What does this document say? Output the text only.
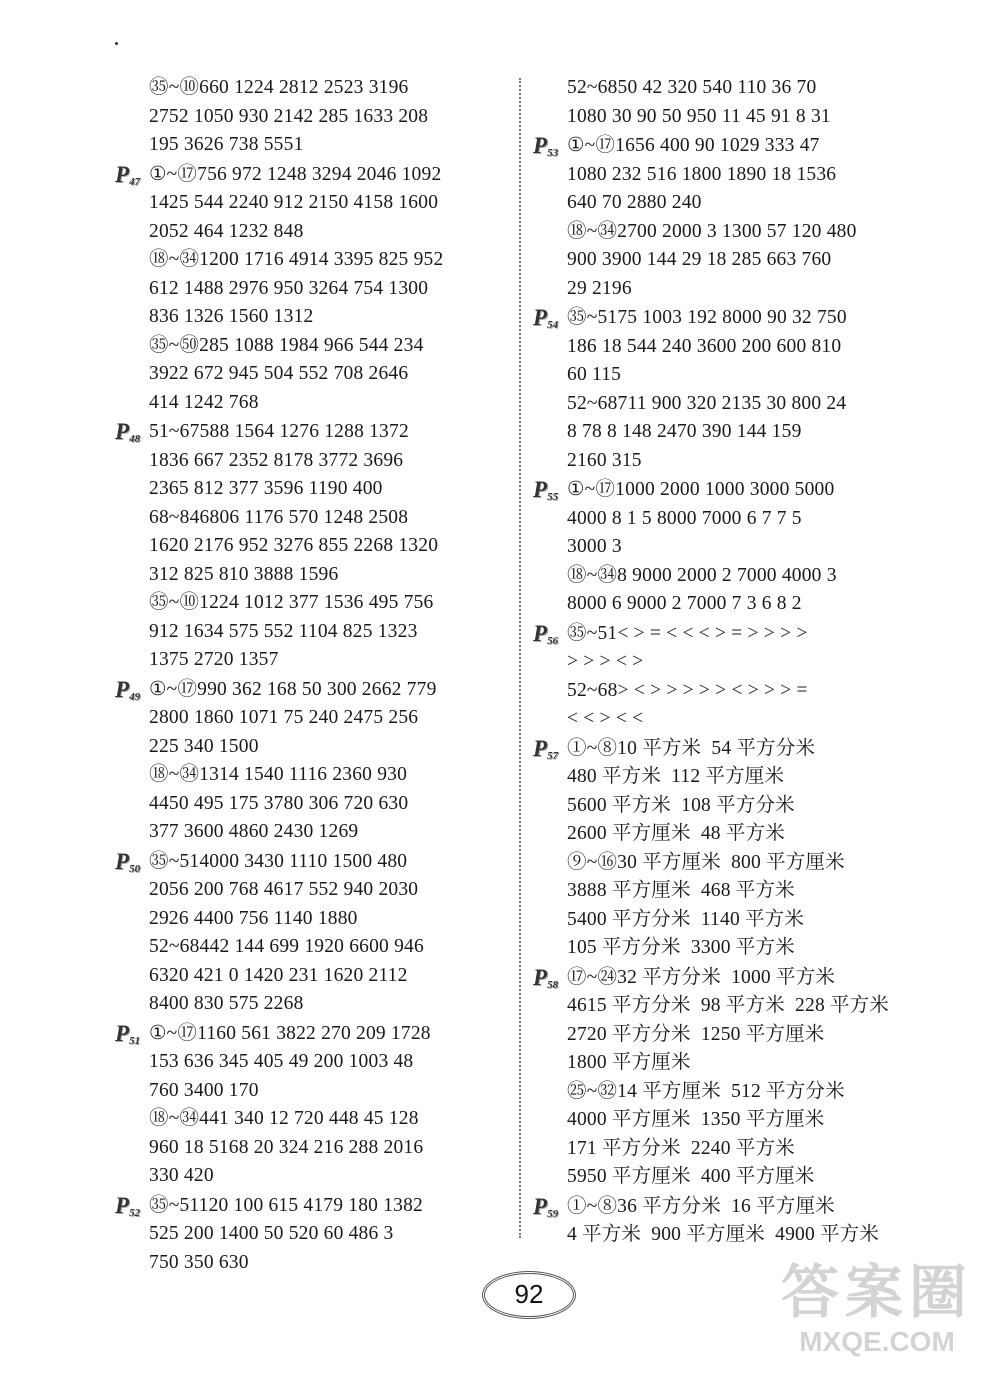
㉟~⑩660 1224 2812 2523 3196
2752 1050 930 2142 285 1633 208
195 3626 738 5551
$P_{47}$ ①~⑰756 972 1248 3294 2046 1092
1425 544 2240 912 2150 4158 1600
2052 464 1232 848
⑱~㉞1200 1716 4914 3395 825 952
612 1488 2976 950 3264 754 1300
836 1326 1560 1312
㉟~㊿285 1088 1984 966 544 234
3922 672 945 504 552 708 2646
414 1242 768
$P_{48}$ 51~67588 1564 1276 1288 1372
1836 667 2352 8178 3772 3696
2365 812 377 3596 1190 400
68~846806 1176 570 1248 2508
1620 2176 952 3276 855 2268 1320
312 825 810 3888 1596
㉟~⑩1224 1012 377 1536 495 756
912 1634 575 552 1104 825 1323
1375 2720 1357
$P_{49}$ ①~⑰990 362 168 50 300 2662 779
2800 1860 1071 75 240 2475 256
225 340 1500
⑱~㉞1314 1540 1116 2360 930
4450 495 175 3780 306 720 630
377 3600 4860 2430 1269
$P_{50}$ ㉟~514000 3430 1110 1500 480
2056 200 768 4617 552 940 2030
2926 4400 756 1140 1880
52~68442 144 699 1920 6600 946
6320 421 0 1420 231 1620 2112
8400 830 575 2268
$P_{51}$ ①~⑰1160 561 3822 270 209 1728
153 636 345 405 49 200 1003 48
760 3400 170
⑱~㉞441 340 12 720 448 45 128
960 18 5168 20 324 216 288 2016
330 420
$P_{52}$ ㉟~51120 100 615 4179 180 1382
525 200 1400 50 520 60 486 3
750 350 630
52~6850 42 320 540 110 36 70
1080 30 90 50 950 11 45 91 8 31
$P_{53}$ ①~⑰1656 400 90 1029 333 47
1080 232 516 1800 1890 18 1536
640 70 2880 240
⑱~㉞2700 2000 3 1300 57 120 480
900 3900 144 29 18 285 663 760
29 2196
$P_{54}$ ㉟~5175 1003 192 8000 90 32 750
186 18 544 240 3600 200 600 810
60 115
52~68711 900 320 2135 30 800 24
8 78 8 148 2470 390 144 159
2160 315
$P_{55}$ ①~⑰1000 2000 1000 3000 5000
4000 8 1 5 8000 7000 6 7 7 5
3000 3
⑱~㉞8 9000 2000 2 7000 4000 3
8000 6 9000 2 7000 7 3 6 8 2
$P_{56}$ ㉟~51< > = < < < > = > > > >
> > > < >
52~68> < > > > > > < > > > =
< < > < <
$P_{57}$ ①~⑧10 平方米  54 平方分米
480 平方米  112 平方厘米
5600 平方米  108 平方分米
2600 平方厘米  48 平方米
⑨~⑯30 平方厘米  800 平方厘米
3888 平方厘米  468 平方米
5400 平方分米  1140 平方米
105 平方分米  3300 平方米
$P_{58}$ ⑰~㉔32 平方分米  1000 平方米
4615 平方分米  98 平方米  228 平方米
2720 平方分米  1250 平方厘米
1800 平方厘米
㉕~㉜14 平方厘米  512 平方分米
4000 平方厘米  1350 平方厘米
171 平方分米  2240 平方米
5950 平方厘米  400 平方厘米
$P_{59}$ ①~⑧36 平方分米  16 平方厘米
4 平方米  900 平方厘米  4900 平方米
92	答案圈
MXQE.COM
